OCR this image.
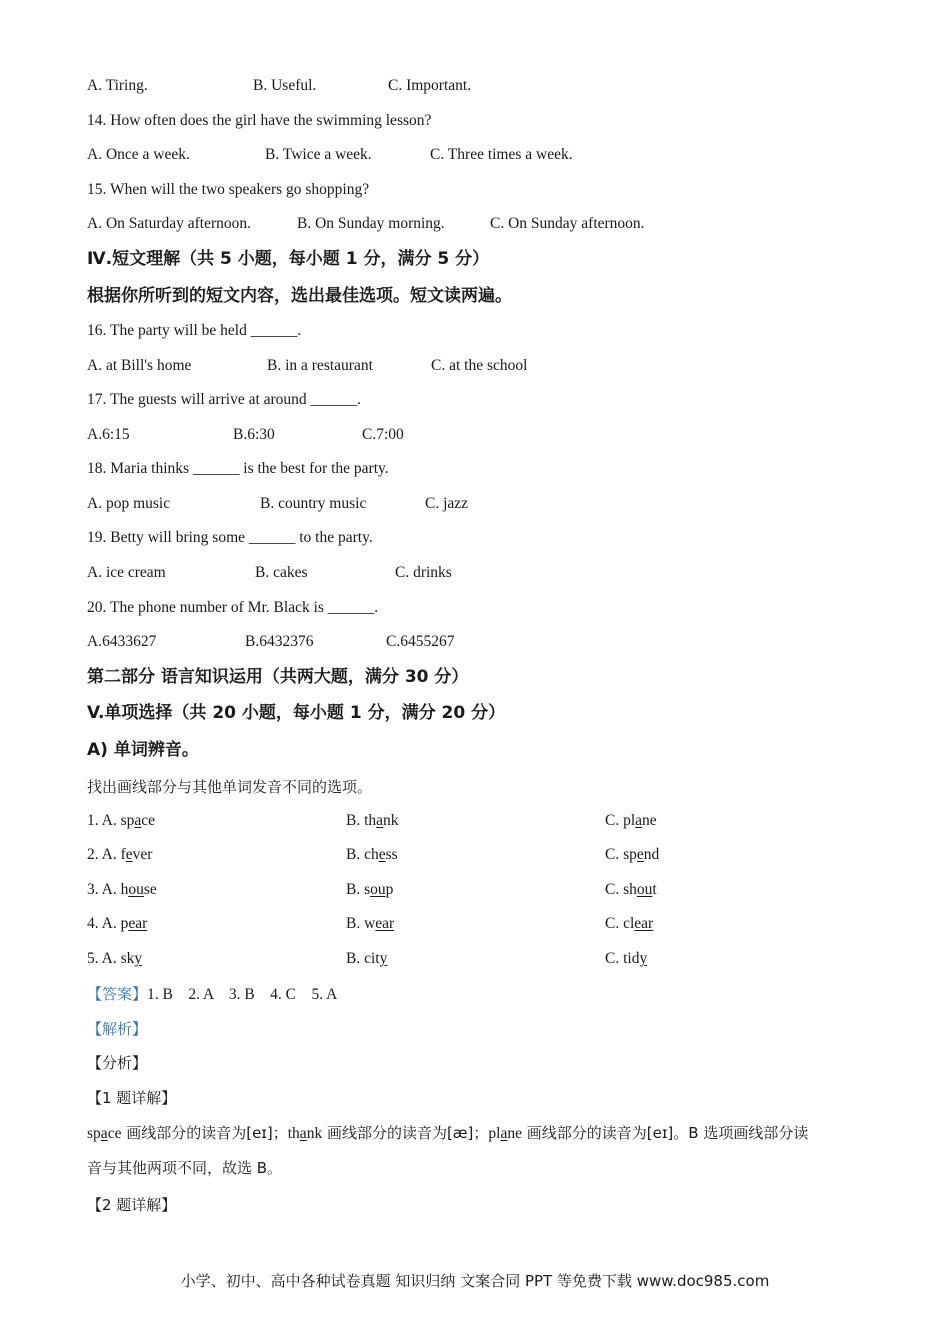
A. Tiring.	B. Useful.	C. Important.
14. How often does the girl have the swimming lesson?
A. Once a week.	B. Twice a week.	C. Three times a week.
15. When will the two speakers go shopping?
A. On Saturday afternoon.	B. On Sunday morning.	C. On Sunday afternoon.
Ⅳ.短文理解（共 5 小题，每小题 1 分，满分 5 分）
根据你所听到的短文内容，选出最佳选项。短文读两遍。
16. The party will be held ______.
A. at Bill's home	B. in a restaurant	C. at the school
17. The guests will arrive at around ______.
A.6:15	B.6:30	C.7:00
18. Maria thinks ______ is the best for the party.
A. pop music	B. country music	C. jazz
19. Betty will bring some ______ to the party.
A. ice cream	B. cakes	C. drinks
20. The phone number of Mr. Black is ______.
A.6433627	B.6432376	C.6455267
第二部分 语言知识运用（共两大题，满分 30 分）
V.单项选择（共 20 小题，每小题 1 分，满分 20 分）
A) 单词辨音。
找出画线部分与其他单词发音不同的选项。
1. A. space	B. thank	C. plane
2. A. fever	B. chess	C. spend
3. A. house	B. soup	C. shout
4. A. pear	B. wear	C. clear
5. A. sky	B. city	C. tidy
【答案】1. B    2. A    3. B    4. C    5. A
【解析】
【分析】
【1 题详解】
space 画线部分的读音为[eɪ]；thank 画线部分的读音为[æ]；plane 画线部分的读音为[eɪ]。B 选项画线部分读
音与其他两项不同，故选 B。
【2 题详解】
小学、初中、高中各种试卷真题 知识归纳 文案合同 PPT 等免费下载 www.doc985.com
